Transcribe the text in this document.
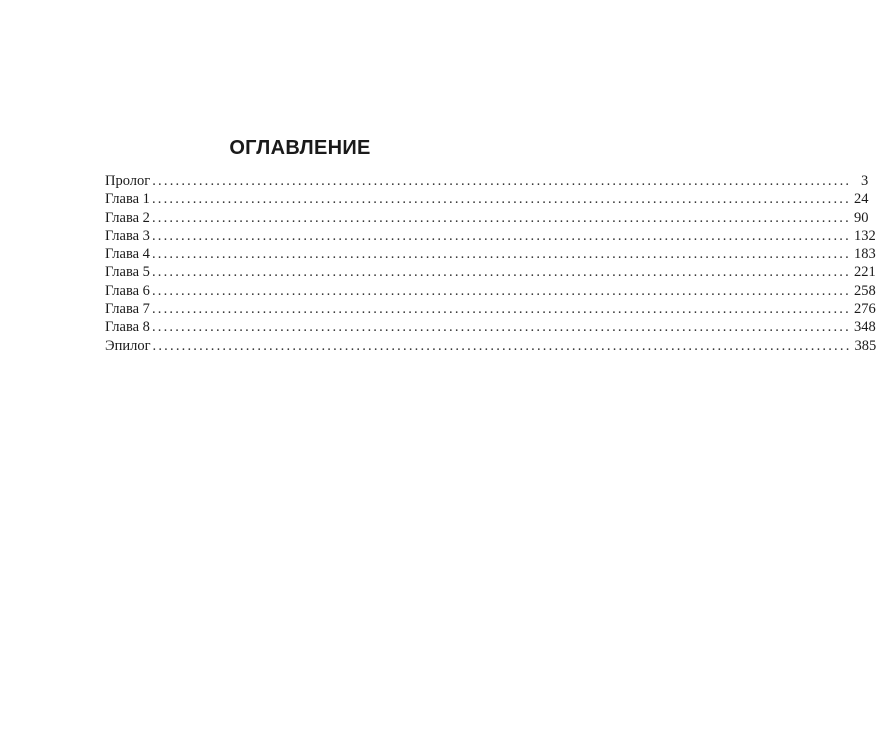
ОГЛАВЛЕНИЕ
Пролог ........................................................................................................................ 3
Глава 1 ........................................................................................................................ 24
Глава 2 ........................................................................................................................ 90
Глава 3 ........................................................................................................................ 132
Глава 4 ........................................................................................................................ 183
Глава 5 ........................................................................................................................ 221
Глава 6 ........................................................................................................................ 258
Глава 7 ........................................................................................................................ 276
Глава 8 ........................................................................................................................ 348
Эпилог ........................................................................................................................ 385
